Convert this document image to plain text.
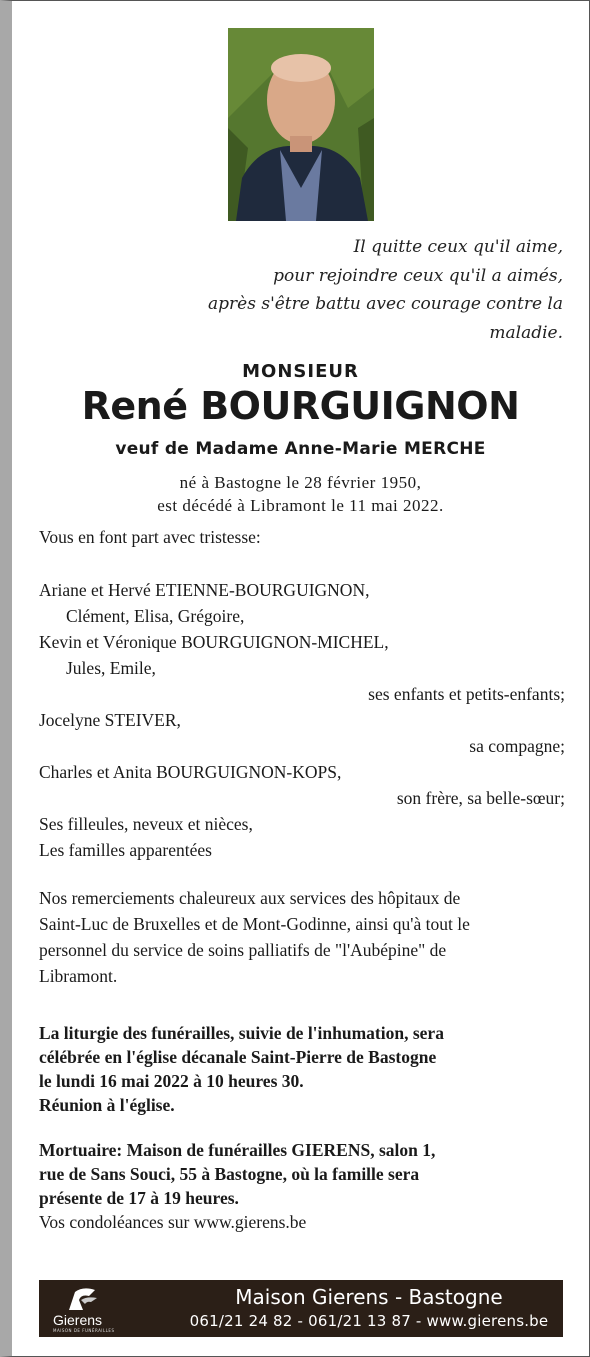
Il quitte ceux qu'il aime,
pour rejoindre ceux qu'il a aimés,
après s'être battu avec courage contre la
maladie.
MONSIEUR
René BOURGUIGNON
veuf de Madame Anne-Marie MERCHE
né à Bastogne le 28 février 1950,
est décédé à Libramont le 11 mai 2022.
Vous en font part avec tristesse:
Ariane et Hervé ETIENNE-BOURGUIGNON,
Clément, Elisa, Grégoire,
Kevin et Véronique BOURGUIGNON-MICHEL,
Jules, Emile,
ses enfants et petits-enfants;
Jocelyne STEIVER,
sa compagne;
Charles et Anita BOURGUIGNON-KOPS,
son frère, sa belle-sœur;
Ses filleules, neveux et nièces,
Les familles apparentées
Nos remerciements chaleureux aux services des hôpitaux de
Saint-Luc de Bruxelles et de Mont-Godinne, ainsi qu'à tout le
personnel du service de soins palliatifs de "l'Aubépine" de
Libramont.
La liturgie des funérailles, suivie de l'inhumation, sera
célébrée en l'église décanale Saint-Pierre de Bastogne
le lundi 16 mai 2022 à 10 heures 30.
Réunion à l'église.
Mortuaire: Maison de funérailles GIERENS, salon 1,
rue de Sans Souci, 55 à Bastogne, où la famille sera
présente de 17 à 19 heures.
Vos condoléances sur www.gierens.be
Gierens
MAISON DE FUNÉRAILLES
Maison Gierens - Bastogne
061/21 24 82 - 061/21 13 87 - www.gierens.be
